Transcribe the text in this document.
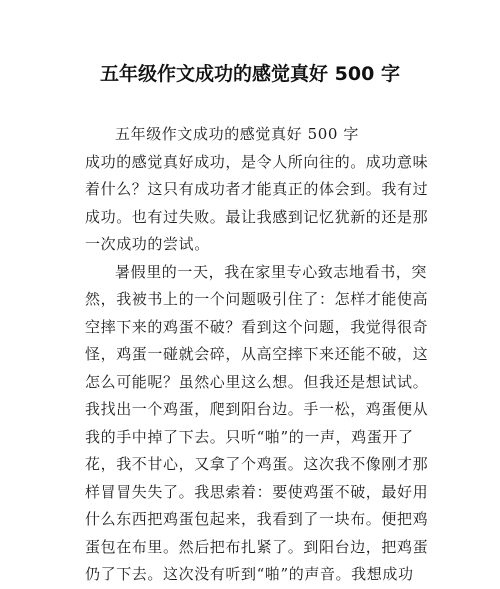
五年级作文成功的感觉真好 500 字
五年级作文成功的感觉真好 500 字
成功的感觉真好成功，是令人所向往的。成功意味
着什么？这只有成功者才能真正的体会到。我有过
成功。也有过失败。最让我感到记忆犹新的还是那
一次成功的尝试。
暑假里的一天，我在家里专心致志地看书，突
然，我被书上的一个问题吸引住了：怎样才能使高
空摔下来的鸡蛋不破？看到这个问题，我觉得很奇
怪，鸡蛋一碰就会碎，从高空摔下来还能不破，这
怎么可能呢？虽然心里这么想。但我还是想试试。
我找出一个鸡蛋，爬到阳台边。手一松，鸡蛋便从
我的手中掉了下去。只听“啪”的一声，鸡蛋开了
花，我不甘心，又拿了个鸡蛋。这次我不像刚才那
样冒冒失失了。我思索着：要使鸡蛋不破，最好用
什么东西把鸡蛋包起来，我看到了一块布。便把鸡
蛋包在布里。然后把布扎紧了。到阳台边，把鸡蛋
仍了下去。这次没有听到“啪”的声音。我想成功
